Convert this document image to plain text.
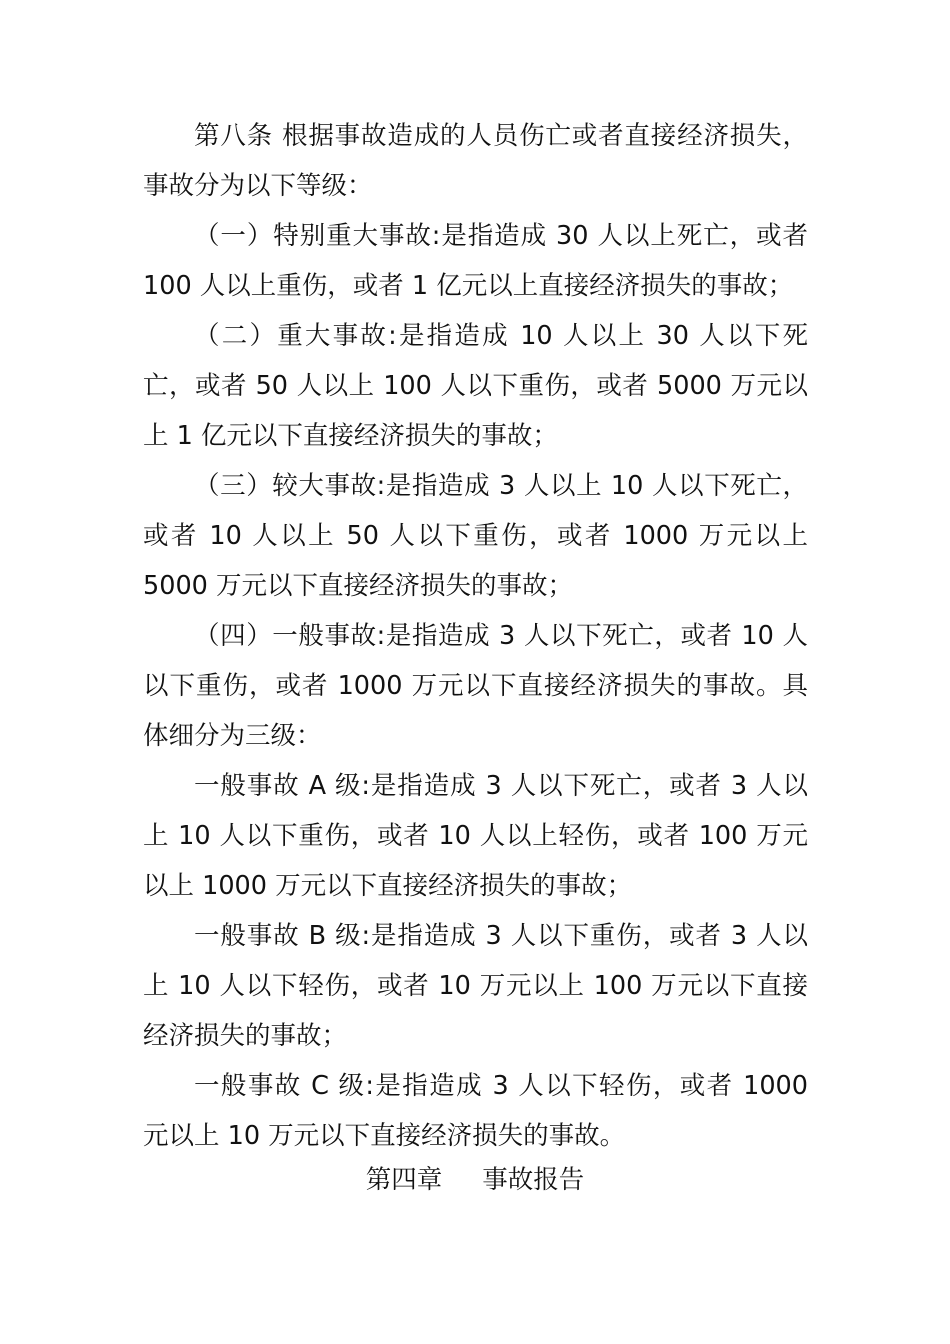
第八条 根据事故造成的人员伤亡或者直接经济损失，事故分为以下等级：

（一）特别重大事故:是指造成 30 人以上死亡，或者 100 人以上重伤，或者 1 亿元以上直接经济损失的事故；

（二）重大事故:是指造成 10 人以上 30 人以下死亡，或者 50 人以上 100 人以下重伤，或者 5000 万元以上 1 亿元以下直接经济损失的事故；

（三）较大事故:是指造成 3 人以上 10 人以下死亡，或者 10 人以上 50 人以下重伤，或者 1000 万元以上 5000 万元以下直接经济损失的事故；

（四）一般事故:是指造成 3 人以下死亡，或者 10 人以下重伤，或者 1000 万元以下直接经济损失的事故。具体细分为三级：

一般事故 A 级:是指造成 3 人以下死亡，或者 3 人以上 10 人以下重伤，或者 10 人以上轻伤，或者 100 万元以上 1000 万元以下直接经济损失的事故；

一般事故 B 级:是指造成 3 人以下重伤，或者 3 人以上 10 人以下轻伤，或者 10 万元以上 100 万元以下直接经济损失的事故；

一般事故 C 级:是指造成 3 人以下轻伤，或者 1000 元以上 10 万元以下直接经济损失的事故。

第四章 事故报告
